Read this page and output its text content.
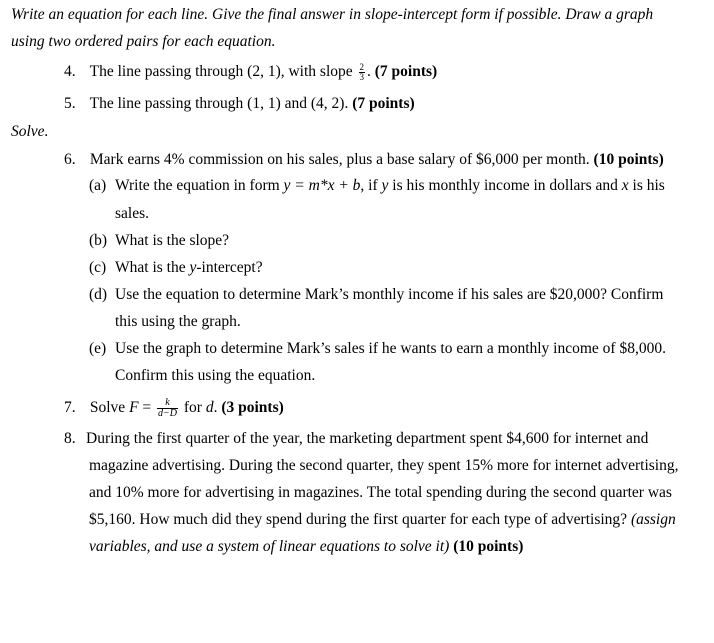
Write an equation for each line. Give the final answer in slope-intercept form if possible. Draw a graph
using two ordered pairs for each equation.
4. The line passing through (2, 1), with slope $\frac{2}{3}$ . (7 points)
5. The line passing through (1, 1) and (4, 2). (7 points)
Solve.
6. Mark earns 4% commission on his sales, plus a base salary of $6,000 per month. (10 points)
(a) Write the equation in form y = m*x + b, if y is his monthly income in dollars and x is his
sales.
(b) What is the slope?
(c) What is the y-intercept?
(d) Use the equation to determine Mark’s monthly income if his sales are $20,000? Confirm
this using the graph.
(e) Use the graph to determine Mark’s sales if he wants to earn a monthly income of $8,000.
Confirm this using the equation.
7. Solve $F = \frac{k}{d-D}$ for d. (3 points)
8. During the first quarter of the year, the marketing department spent $4,600 for internet and
magazine advertising. During the second quarter, they spent 15% more for internet advertising,
and 10% more for advertising in magazines. The total spending during the second quarter was
$5,160. How much did they spend during the first quarter for each type of advertising? (assign
variables, and use a system of linear equations to solve it) (10 points)
